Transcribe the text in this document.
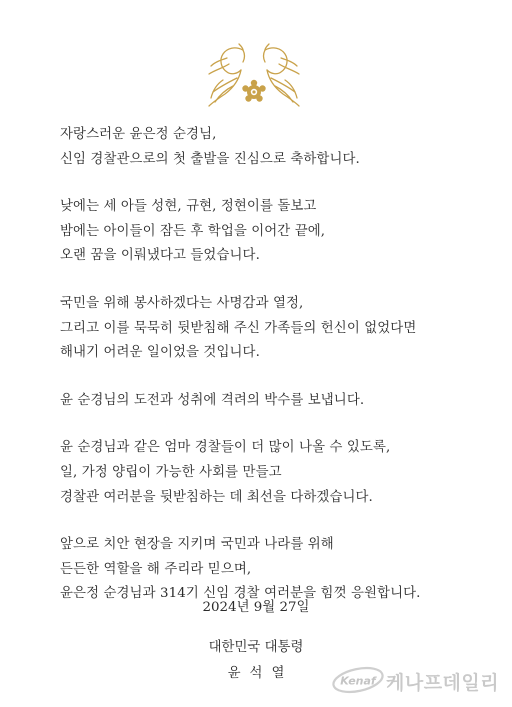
자랑스러운 윤은정 순경님,
신임 경찰관으로의 첫 출발을 진심으로 축하합니다.
낮에는 세 아들 성현, 규현, 정현이를 돌보고
밤에는 아이들이 잠든 후 학업을 이어간 끝에,
오랜 꿈을 이뤄냈다고 들었습니다.
국민을 위해 봉사하겠다는 사명감과 열정,
그리고 이를 묵묵히 뒷받침해 주신 가족들의 헌신이 없었다면
해내기 어려운 일이었을 것입니다.
윤 순경님의 도전과 성취에 격려의 박수를 보냅니다.
윤 순경님과 같은 엄마 경찰들이 더 많이 나올 수 있도록,
일, 가정 양립이 가능한 사회를 만들고
경찰관 여러분을 뒷받침하는 데 최선을 다하겠습니다.
앞으로 치안 현장을 지키며 국민과 나라를 위해
든든한 역할을 해 주리라 믿으며,
윤은정 순경님과 314기 신임 경찰 여러분을 힘껏 응원합니다.
2024년 9월 27일
대한민국 대통령
윤석열	Kenaf 케나프데일리
